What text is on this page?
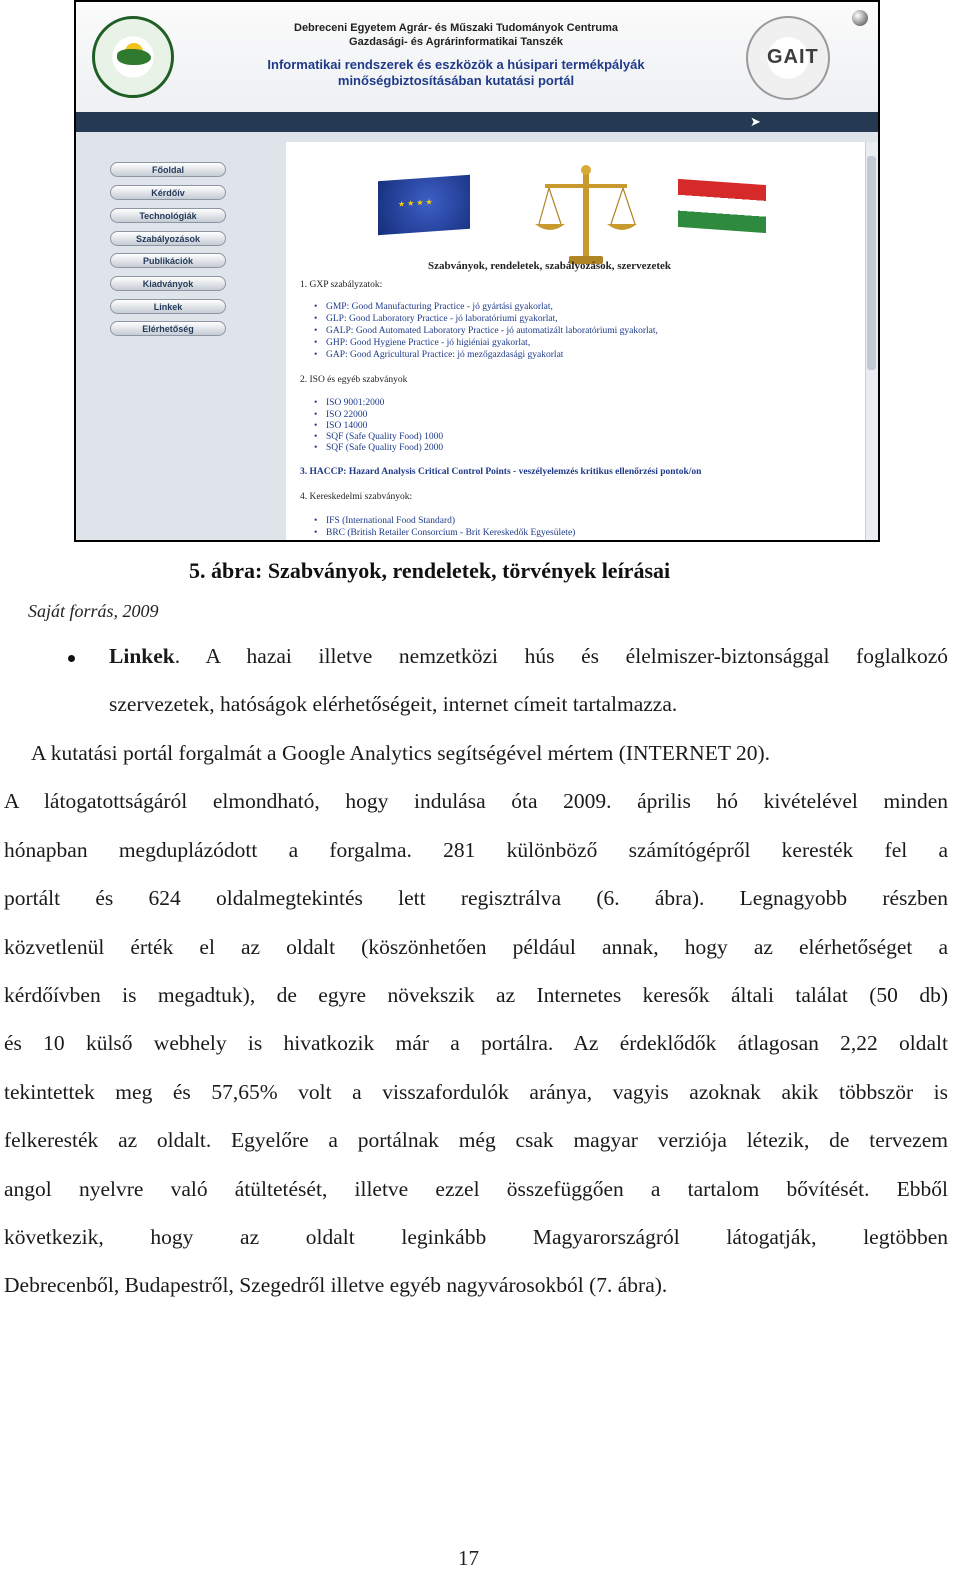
Debreceni Egyetem Agrár- és Műszaki Tudományok Centruma
Gazdasági- és Agrárinformatikai Tanszék
Informatikai rendszerek és eszközök a húsipari termékpályák
minőségbiztosításában kutatási portál
GAIT
➤
Főoldal
Kérdőív
Technológiák
Szabályozások
Publikációk
Kiadványok
Linkek
Elérhetőség
★ ★ ★ ★
Szabványok, rendeletek, szabályozások, szervezetek
1. GXP szabályzatok:
• GMP: Good Manufacturing Practice - jó gyártási gyakorlat,
• GLP: Good Laboratory Practice - jó laboratóriumi gyakorlat,
• GALP: Good Automated Laboratory Practice - jó automatizált laboratóriumi gyakorlat,
• GHP: Good Hygiene Practice - jó higiéniai gyakorlat,
• GAP: Good Agricultural Practice: jó mezőgazdasági gyakorlat
2. ISO és egyéb szabványok
• ISO 9001:2000
• ISO 22000
• ISO 14000
• SQF (Safe Quality Food) 1000
• SQF (Safe Quality Food) 2000
3. HACCP: Hazard Analysis Critical Control Points - veszélyelemzés kritikus ellenőrzési pontok/on
4. Kereskedelmi szabványok:
• IFS (International Food Standard)
• BRC (British Retailer Consorcium - Brit Kereskedők Egyesülete)
5. ábra: Szabványok, rendeletek, törvények leírásai
Saját forrás, 2009
Linkek. A hazai illetve nemzetközi hús és élelmiszer-biztonsággal foglalkozó
szervezetek, hatóságok elérhetőségeit, internet címeit tartalmazza.
A kutatási portál forgalmát a Google Analytics segítségével mértem (INTERNET 20).
A látogatottságáról elmondható, hogy indulása óta 2009. április hó kivételével minden
hónapban megduplázódott a forgalma. 281 különböző számítógépről keresték fel a
portált és 624 oldalmegtekintés lett regisztrálva (6. ábra). Legnagyobb részben
közvetlenül érték el az oldalt (köszönhetően például annak, hogy az elérhetőséget a
kérdőívben is megadtuk), de egyre növekszik az Internetes keresők általi találat (50 db)
és 10 külső webhely is hivatkozik már a portálra. Az érdeklődők átlagosan 2,22 oldalt
tekintettek meg és 57,65% volt a visszafordulók aránya, vagyis azoknak akik többször is
felkeresték az oldalt. Egyelőre a portálnak még csak magyar verziója létezik, de tervezem
angol nyelvre való átültetését, illetve ezzel összefüggően a tartalom bővítését. Ebből
következik, hogy az oldalt leginkább Magyarországról látogatják, legtöbben
Debrecenből, Budapestről, Szegedről illetve egyéb nagyvárosokból (7. ábra).
17
